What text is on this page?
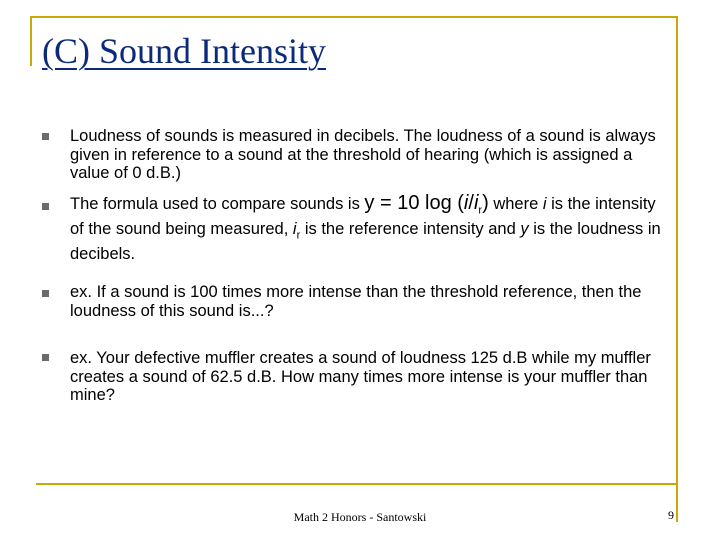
(C) Sound Intensity
Loudness of sounds is measured in decibels. The loudness of a sound is always given in reference to a sound at the threshold of hearing (which is assigned a value of 0 d.B.)
The formula used to compare sounds is y = 10 $\log (i/i_r)$ where i is the intensity of the sound being measured, $i_r$ is the reference intensity and y is the loudness in decibels.
ex. If a sound is 100 times more intense than the threshold reference, then the loudness of this sound is...?
ex. Your defective muffler creates a sound of loudness 125 d.B while my muffler creates a sound of 62.5 d.B. How many times more intense is your muffler than mine?
Math 2 Honors - Santowski	9
